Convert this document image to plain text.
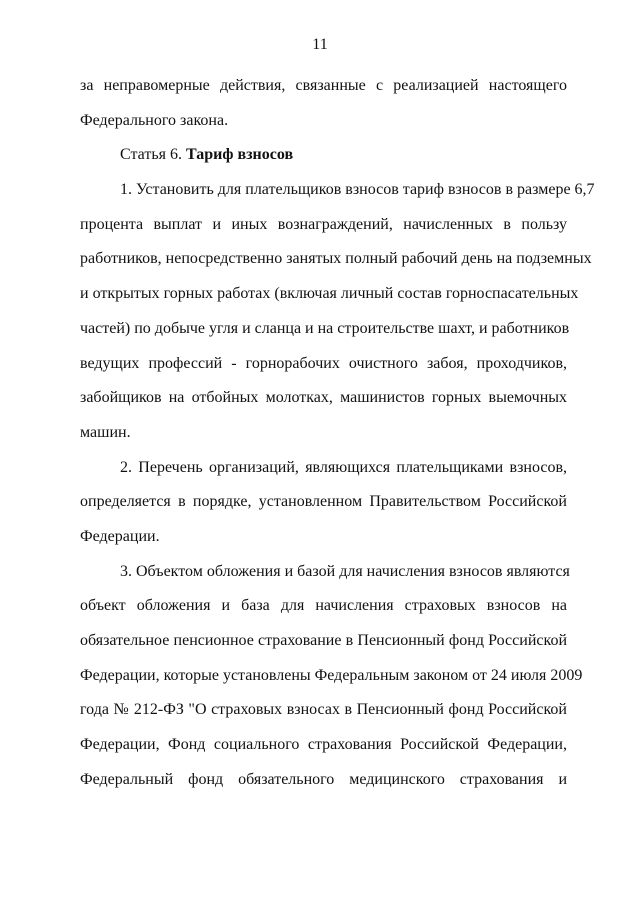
11
за неправомерные действия, связанные с реализацией настоящего
Федерального закона.
Статья 6. Тариф взносов
1. Установить для плательщиков взносов тариф взносов в размере 6,7
процента выплат и иных вознаграждений, начисленных в пользу
работников, непосредственно занятых полный рабочий день на подземных
и открытых горных работах (включая личный состав горноспасательных
частей) по добыче угля и сланца и на строительстве шахт, и работников
ведущих профессий - горнорабочих очистного забоя, проходчиков,
забойщиков на отбойных молотках, машинистов горных выемочных
машин.
2. Перечень организаций, являющихся плательщиками взносов,
определяется в порядке, установленном Правительством Российской
Федерации.
3. Объектом обложения и базой для начисления взносов являются
объект обложения и база для начисления страховых взносов на
обязательное пенсионное страхование в Пенсионный фонд Российской
Федерации, которые установлены Федеральным законом от 24 июля 2009
года № 212-ФЗ "О страховых взносах в Пенсионный фонд Российской
Федерации, Фонд социального страхования Российской Федерации,
Федеральный фонд обязательного медицинского страхования и
